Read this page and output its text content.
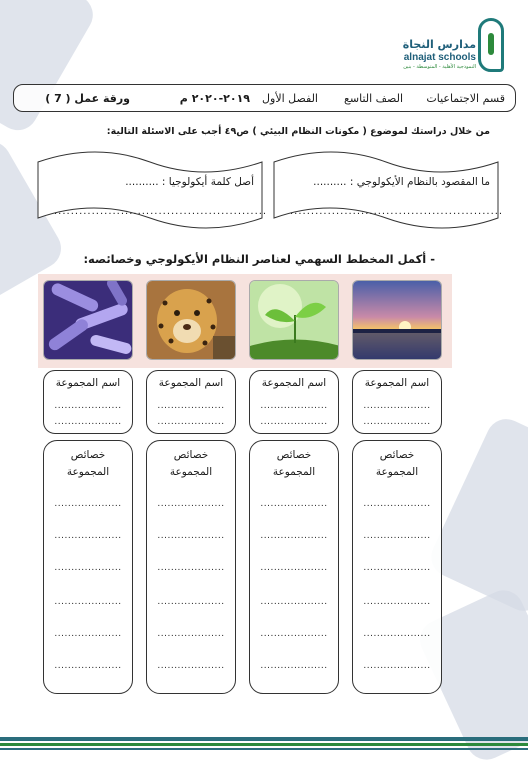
مدارس النجاة
alnajat schools
النموذجية الأهلية - المتوسطة - بنين
قسم الاجتماعيات
الصف التاسع
الفصل الأول
٢٠١٩-٢٠٢٠ م
ورقة عمل ( 7 )
من خلال دراستك لموضوع ( مكونات النظام البيئي ) ص٤٩ أجب على الاسئلة التالية:
ما المقصود بالنظام الأيكولوجي : ..........
...................................................
أصل كلمة أيكولوجيا : ..........
...................................................
- أكمل المخطط السهمي لعناصر النظام الأيكولوجي وخصائصه:
اسم المجموعة
....................
....................
اسم المجموعة
....................
....................
اسم المجموعة
....................
....................
اسم المجموعة
....................
....................
خصائص المجموعة
....................
....................
....................
....................
....................
....................
خصائص المجموعة
....................
....................
....................
....................
....................
....................
خصائص المجموعة
....................
....................
....................
....................
....................
....................
خصائص المجموعة
....................
....................
....................
....................
....................
....................
